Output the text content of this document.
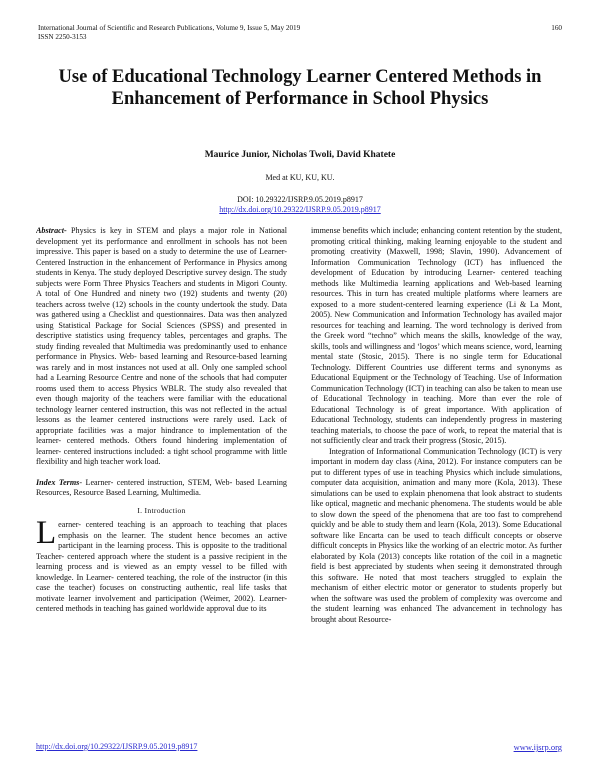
International Journal of Scientific and Research Publications, Volume 9, Issue 5, May 2019
ISSN 2250-3153
160
Use of Educational Technology Learner Centered Methods in Enhancement of Performance in School Physics
Maurice Junior, Nicholas Twoli, David Khatete
Med at KU, KU, KU.
DOI: 10.29322/IJSRP.9.05.2019.p8917
http://dx.doi.org/10.29322/IJSRP.9.05.2019.p8917

Abstract- Physics is key in STEM and plays a major role in National development yet its performance and enrollment in schools has not been impressive. This paper is based on a study to determine the use of Learner- Centered Instruction in the enhancement of Performance in Physics among students in Kenya. The study deployed Descriptive survey design. The study subjects were Form Three Physics Teachers and students in Migori County. A total of One Hundred and ninety two (192) students and twenty (20) teachers across twelve (12) schools in the county undertook the study. Data was gathered using a Checklist and questionnaires. Data was then analyzed using Statistical Package for Social Sciences (SPSS) and presented in descriptive statistics using frequency tables, percentages and graphs. The study finding revealed that Multimedia was predominantly used to enhance performance in Physics. Web- based learning and Resource-based learning was rarely and in most instances not used at all. Only one sampled school had a Learning Resource Centre and none of the schools that had computer rooms used them to access Physics WBLR. The study also revealed that even though majority of the teachers were familiar with the educational technology learner centered instruction, this was not reflected in the actual lessons as the learner centered instructions were rarely used. Lack of appropriate facilities was a major hindrance to implementation of the learner- centered methods. Others found hindering implementation of learner- centered instructions included: a tight school programme with little flexibility and high teacher work load.

Index Terms- Learner- centered instruction, STEM, Web- based Learning Resources, Resource Based Learning, Multimedia.

I. Introduction

Learner- centered teaching is an approach to teaching that places emphasis on the learner. The student hence becomes an active participant in the learning process. This is opposite to the traditional Teacher- centered approach where the student is a passive recipient in the learning process and is viewed as an empty vessel to be filled with knowledge. In Learner- centered teaching, the role of the instructor (in this case the teacher) focuses on constructing authentic, real life tasks that motivate learner involvement and participation (Weimer, 2002). Learner-centered methods in teaching has gained worldwide approval due to its

immense benefits which include; enhancing content retention by the student, promoting critical thinking, making learning enjoyable to the student and promoting creativity (Maxwell, 1998; Slavin, 1990). Advancement of Information Communication Technology (ICT) has influenced the development of Education by introducing Learner- centered teaching methods like Multimedia learning applications and Web-based learning resources. This in turn has created multiple platforms where learners are exposed to a more student-centered learning experience (Li & La Mont, 2005). New Communication and Information Technology has availed major resources for teaching and learning. The word technology is derived from the Greek word “techno” which means the skills, knowledge of the way, skills, tools and willingness and ‘logos’ which means science, word, learning mental state (Stosic, 2015). There is no single term for Educational Technology. Different Countries use different terms and synonyms as Educational Equipment or the Technology of Teaching. Use of Information Communication Technology (ICT) in teaching can also be taken to mean use of Educational Technology in teaching. More than ever the role of Educational Technology is of great importance. With application of Educational Technology, students can independently progress in mastering teaching materials, to choose the pace of work, to repeat the material that is not sufficiently clear and track their progress (Stosic, 2015).

Integration of Informational Communication Technology (ICT) is very important in modern day class (Aina, 2012). For instance computers can be put to different types of use in teaching Physics which include simulations, computer data acquisition, animation and many more (Kola, 2013). These simulations can be used to explain phenomena that look abstract to students like optical, magnetic and mechanic phenomena. The students would be able to slow down the speed of the phenomena that are too fast to comprehend quickly and be able to study them and learn (Kola, 2013). Some Educational software like Encarta can be used to teach difficult concepts or observe difficult concepts in Physics like the working of an electric motor. As further elaborated by Kola (2013) concepts like rotation of the coil in a magnetic field is best appreciated by students when seeing it demonstrated through this software. He noted that most teachers struggled to explain the mechanism of either electric motor or generator to students properly but when the software was used the problem of complexity was overcome and the student learning was enhanced The advancement in technology has brought about Resource-

http://dx.doi.org/10.29322/IJSRP.9.05.2019.p8917	www.ijsrp.org
